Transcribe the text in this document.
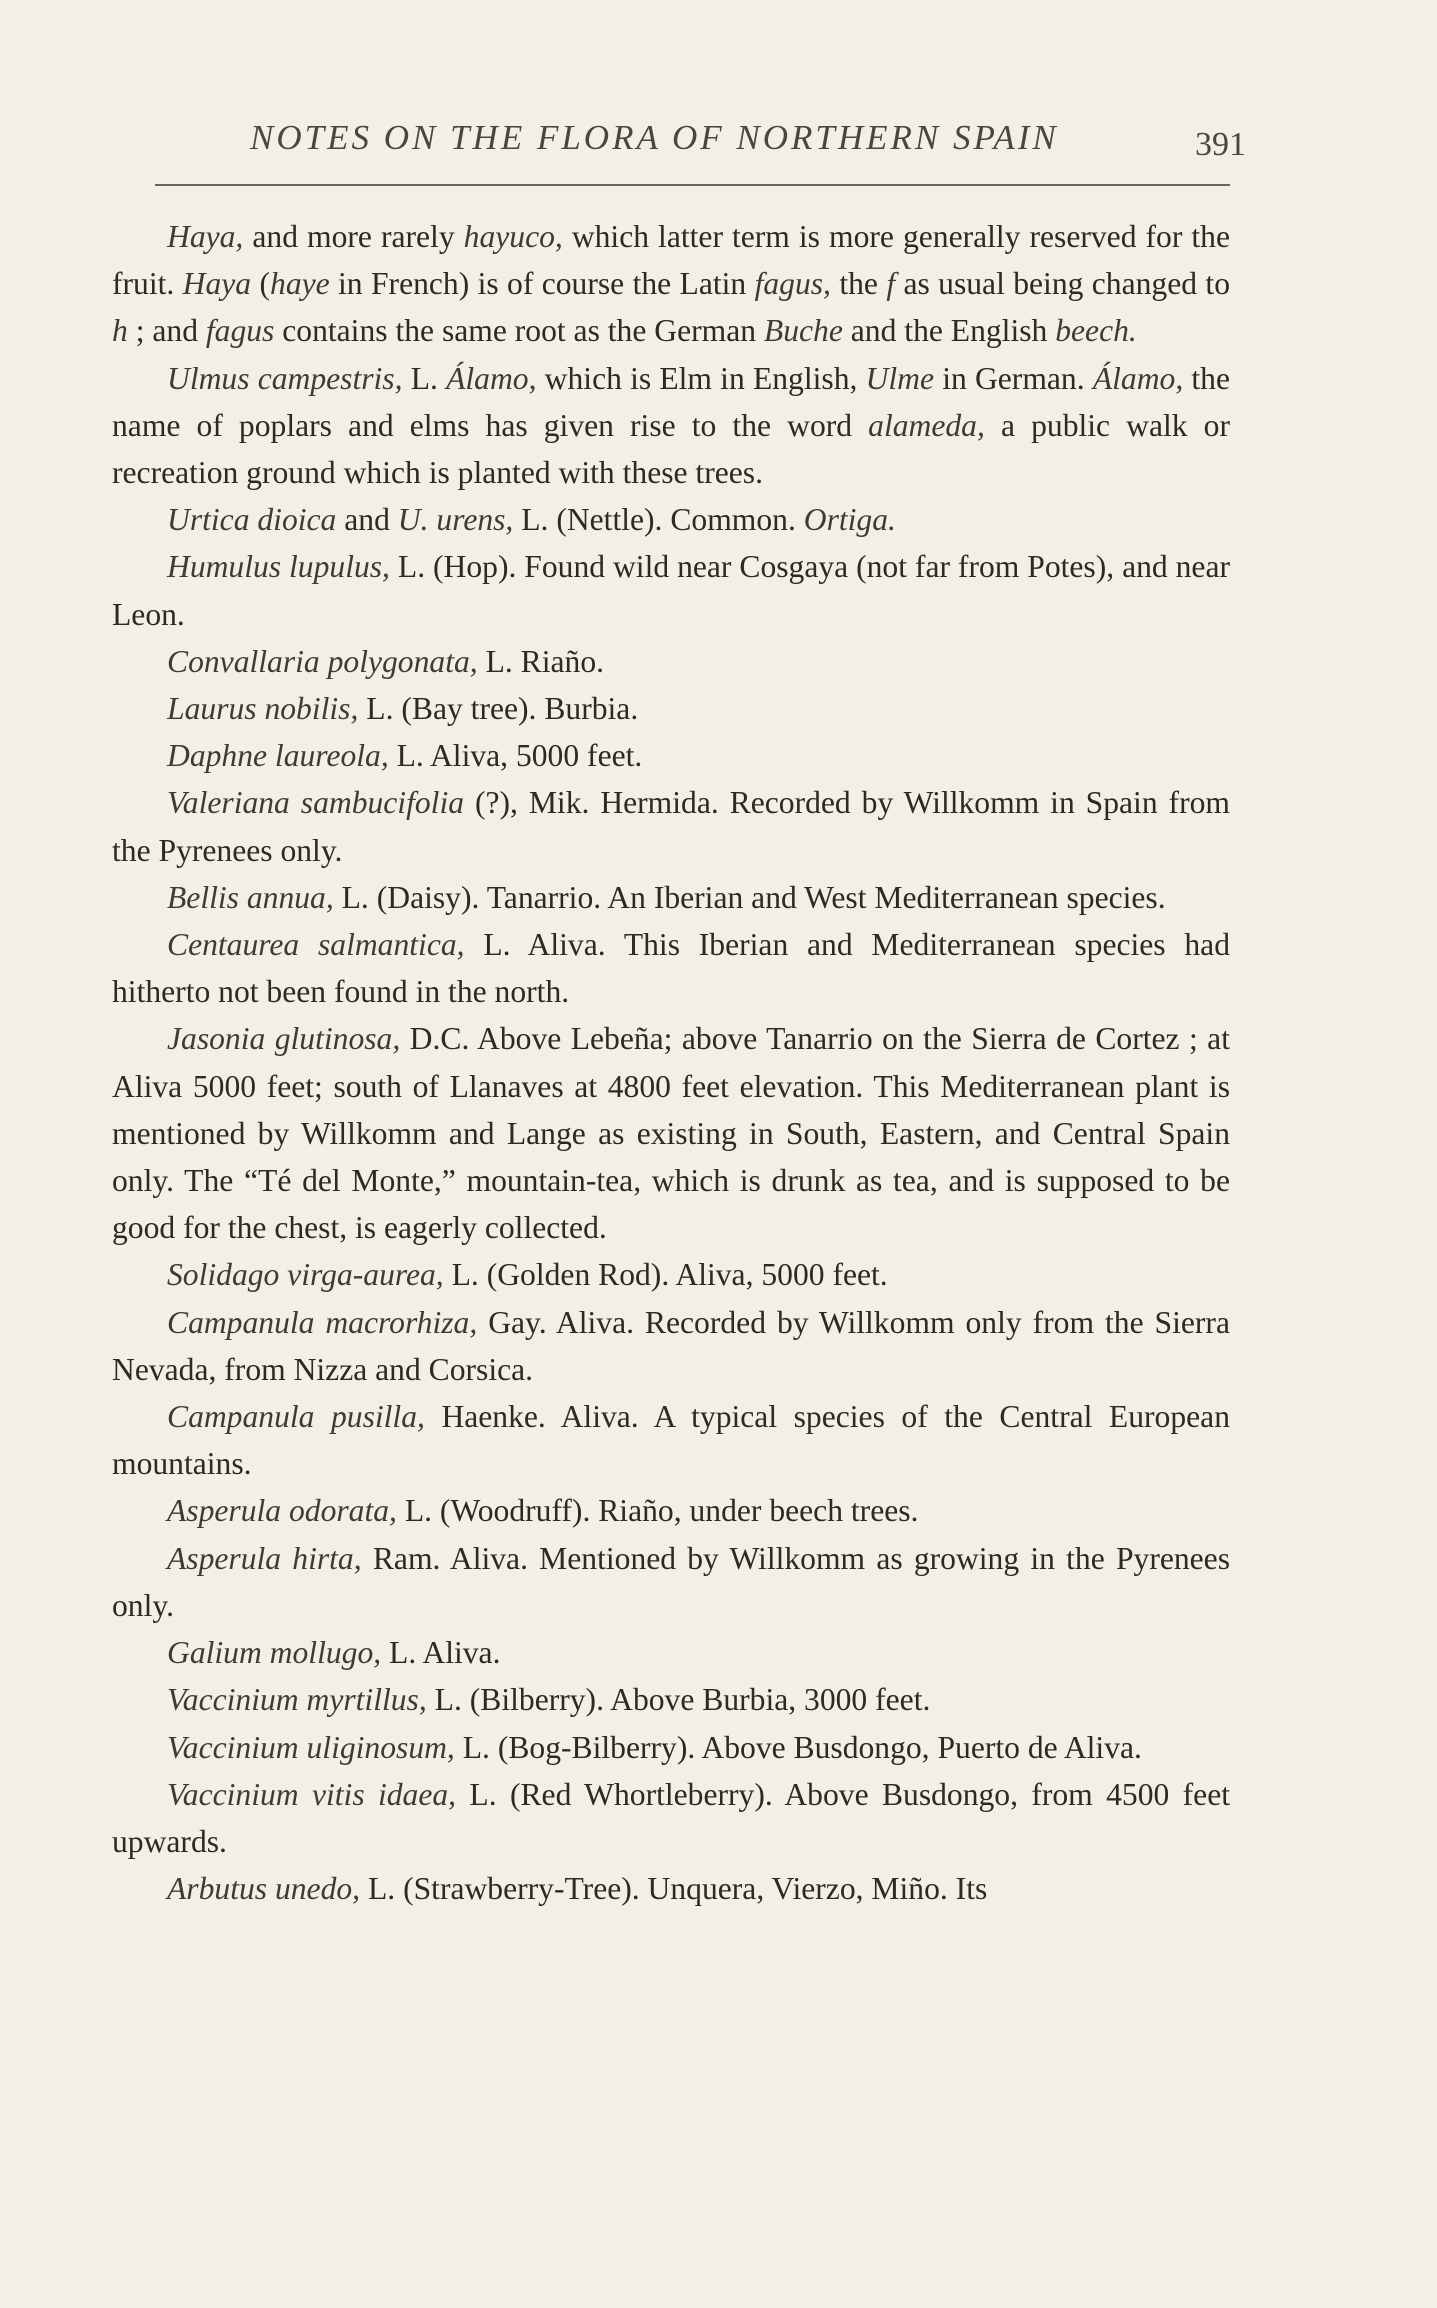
NOTES ON THE FLORA OF NORTHERN SPAIN	391

Haya, and more rarely hayuco, which latter term is more generally reserved for the fruit. Haya (haye in French) is of course the Latin fagus, the f as usual being changed to h ; and fagus contains the same root as the German Buche and the English beech.

Ulmus campestris, L. Álamo, which is Elm in English, Ulme in German. Álamo, the name of poplars and elms has given rise to the word alameda, a public walk or recreation ground which is planted with these trees.

Urtica dioica and U. urens, L. (Nettle). Common. Ortiga.

Humulus lupulus, L. (Hop). Found wild near Cosgaya (not far from Potes), and near Leon.

Convallaria polygonata, L. Riaño.

Laurus nobilis, L. (Bay tree). Burbia.

Daphne laureola, L. Aliva, 5000 feet.

Valeriana sambucifolia (?), Mik. Hermida. Recorded by Willkomm in Spain from the Pyrenees only.

Bellis annua, L. (Daisy). Tanarrio. An Iberian and West Mediterranean species.

Centaurea salmantica, L. Aliva. This Iberian and Mediterranean species had hitherto not been found in the north.

Jasonia glutinosa, D.C. Above Lebeña; above Tanarrio on the Sierra de Cortez ; at Aliva 5000 feet; south of Llanaves at 4800 feet elevation. This Mediterranean plant is mentioned by Willkomm and Lange as existing in South, Eastern, and Central Spain only. The “Té del Monte,” mountain-tea, which is drunk as tea, and is supposed to be good for the chest, is eagerly collected.

Solidago virga-aurea, L. (Golden Rod). Aliva, 5000 feet.

Campanula macrorhiza, Gay. Aliva. Recorded by Willkomm only from the Sierra Nevada, from Nizza and Corsica.

Campanula pusilla, Haenke. Aliva. A typical species of the Central European mountains.

Asperula odorata, L. (Woodruff). Riaño, under beech trees.

Asperula hirta, Ram. Aliva. Mentioned by Willkomm as growing in the Pyrenees only.

Galium mollugo, L. Aliva.

Vaccinium myrtillus, L. (Bilberry). Above Burbia, 3000 feet.

Vaccinium uliginosum, L. (Bog-Bilberry). Above Busdongo, Puerto de Aliva.

Vaccinium vitis idaea, L. (Red Whortleberry). Above Busdongo, from 4500 feet upwards.

Arbutus unedo, L. (Strawberry-Tree). Unquera, Vierzo, Miño. Its
